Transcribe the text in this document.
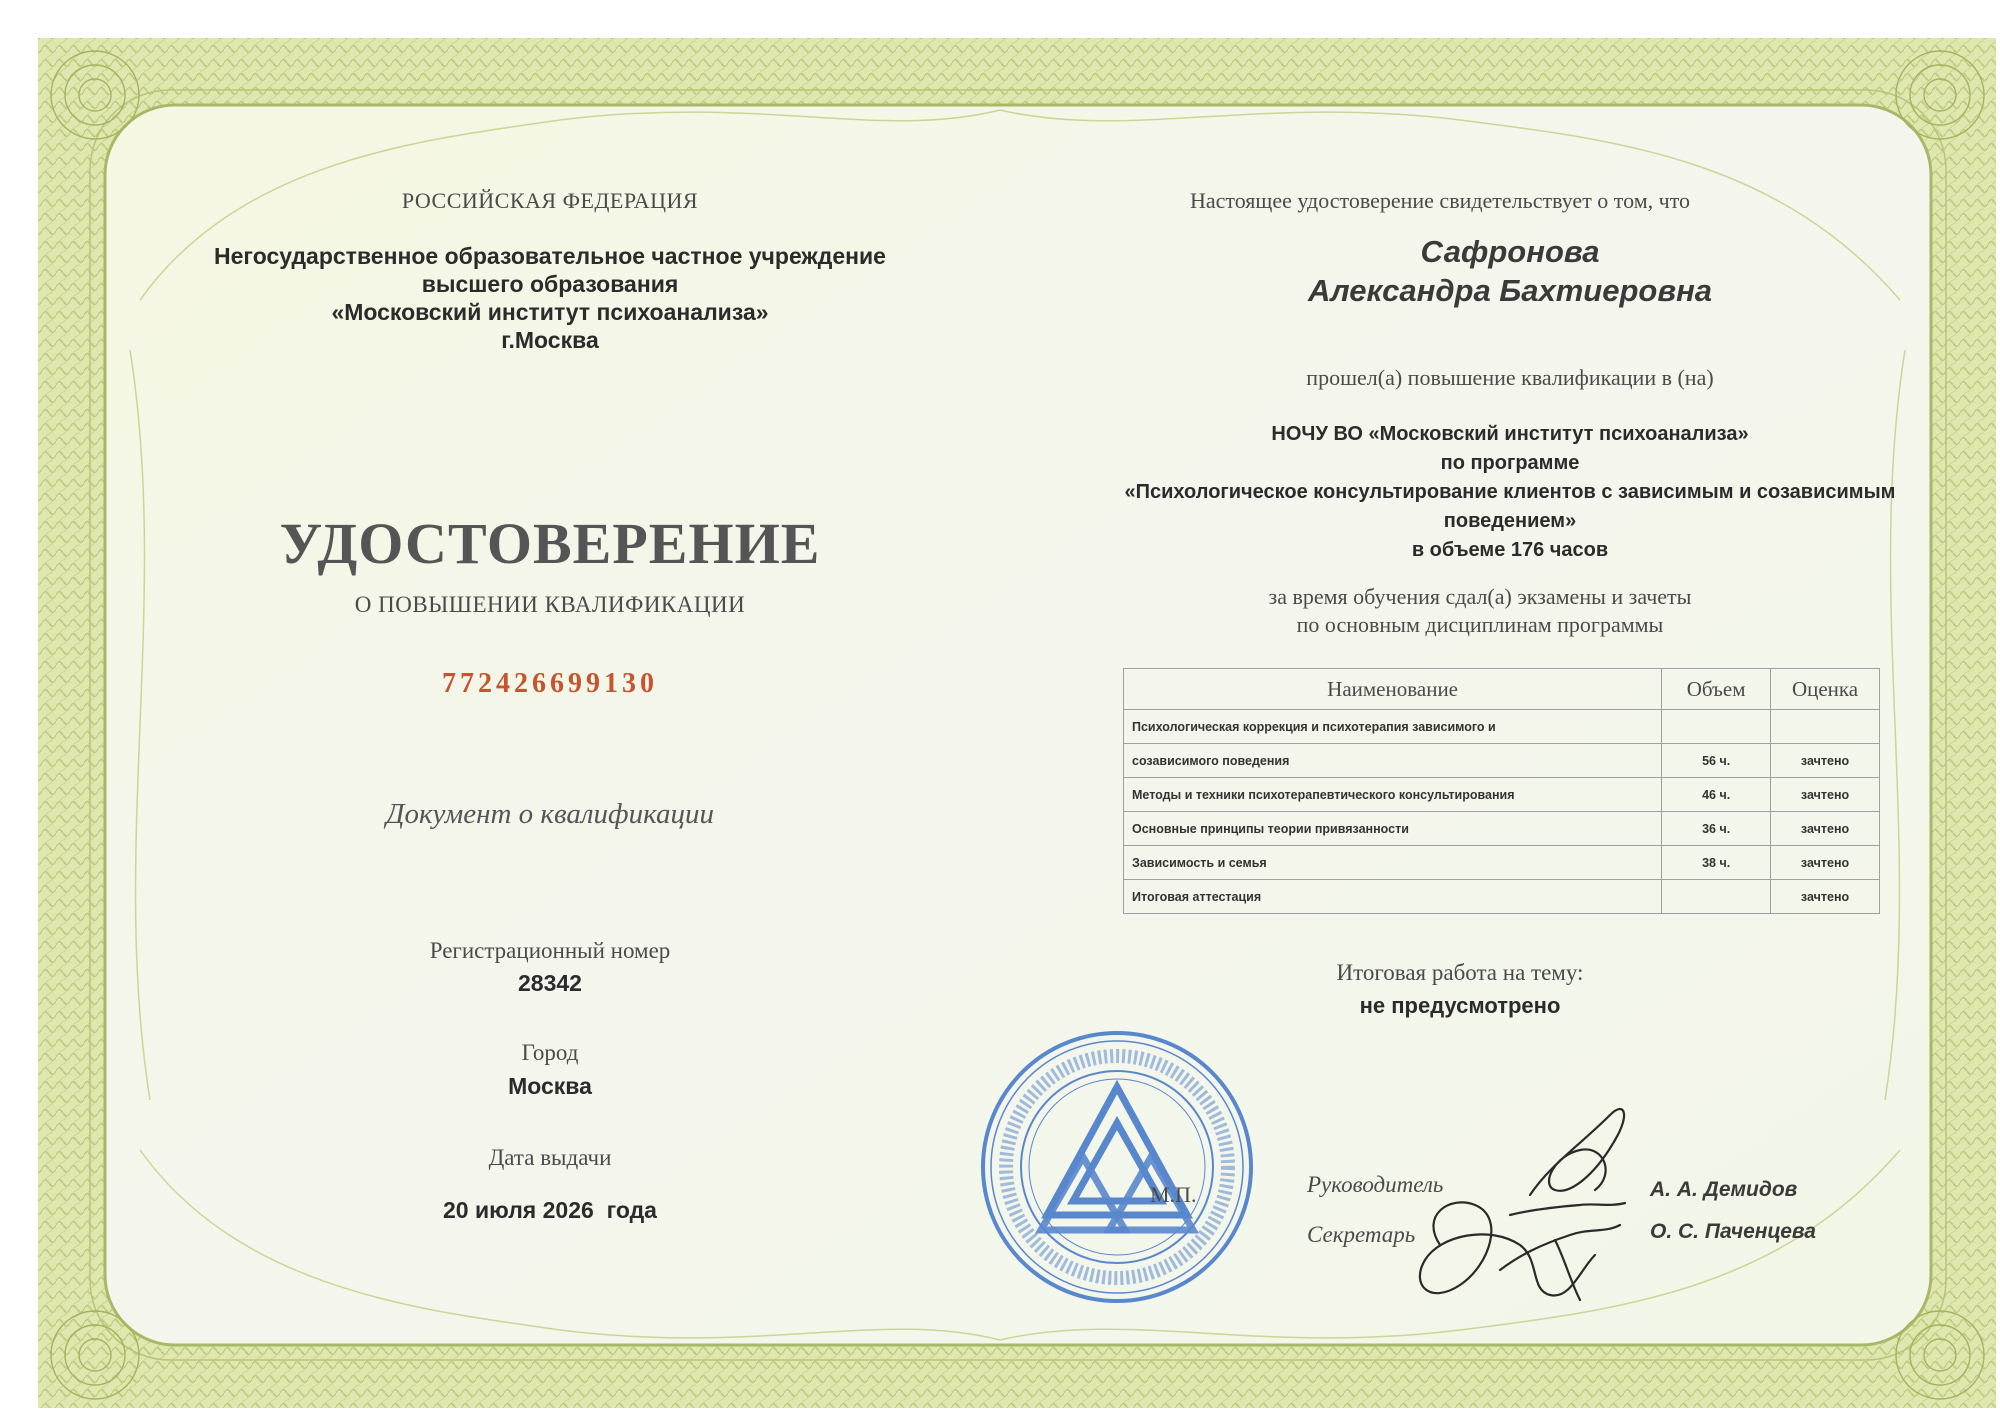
РОССИЙСКАЯ ФЕДЕРАЦИЯ
Негосударственное образовательное частное учреждение
высшего образования
«Московский институт психоанализа»
г.Москва
УДОСТОВЕРЕНИЕ
О ПОВЫШЕНИИ КВАЛИФИКАЦИИ
772426699130
Документ о квалификации
Регистрационный номер
28342
Город
Москва
Дата выдачи
20 июля 2026  года
Настоящее удостоверение свидетельствует о том, что
Сафронова
Александра Бахтиеровна
прошел(а) повышение квалификации в (на)
НОЧУ ВО «Московский институт психоанализа»
по программе
«Психологическое консультирование клиентов с зависимым и созависимым
поведением»
в объеме 176 часов
за время обучения сдал(а) экзамены и зачеты
по основным дисциплинам программы
Наименование	Объем	Оценка
Психологическая коррекция и психотерапия зависимого и		
созависимого поведения	56 ч.	зачтено
Методы и техники психотерапевтического консультирования	46 ч.	зачтено
Основные принципы теории привязанности	36 ч.	зачтено
Зависимость и семья	38 ч.	зачтено
Итоговая аттестация		зачтено
Итоговая работа на тему:
не предусмотрено
М.П.	Руководитель
Секретарь
А. А. Демидов
О. С. Паченцева
